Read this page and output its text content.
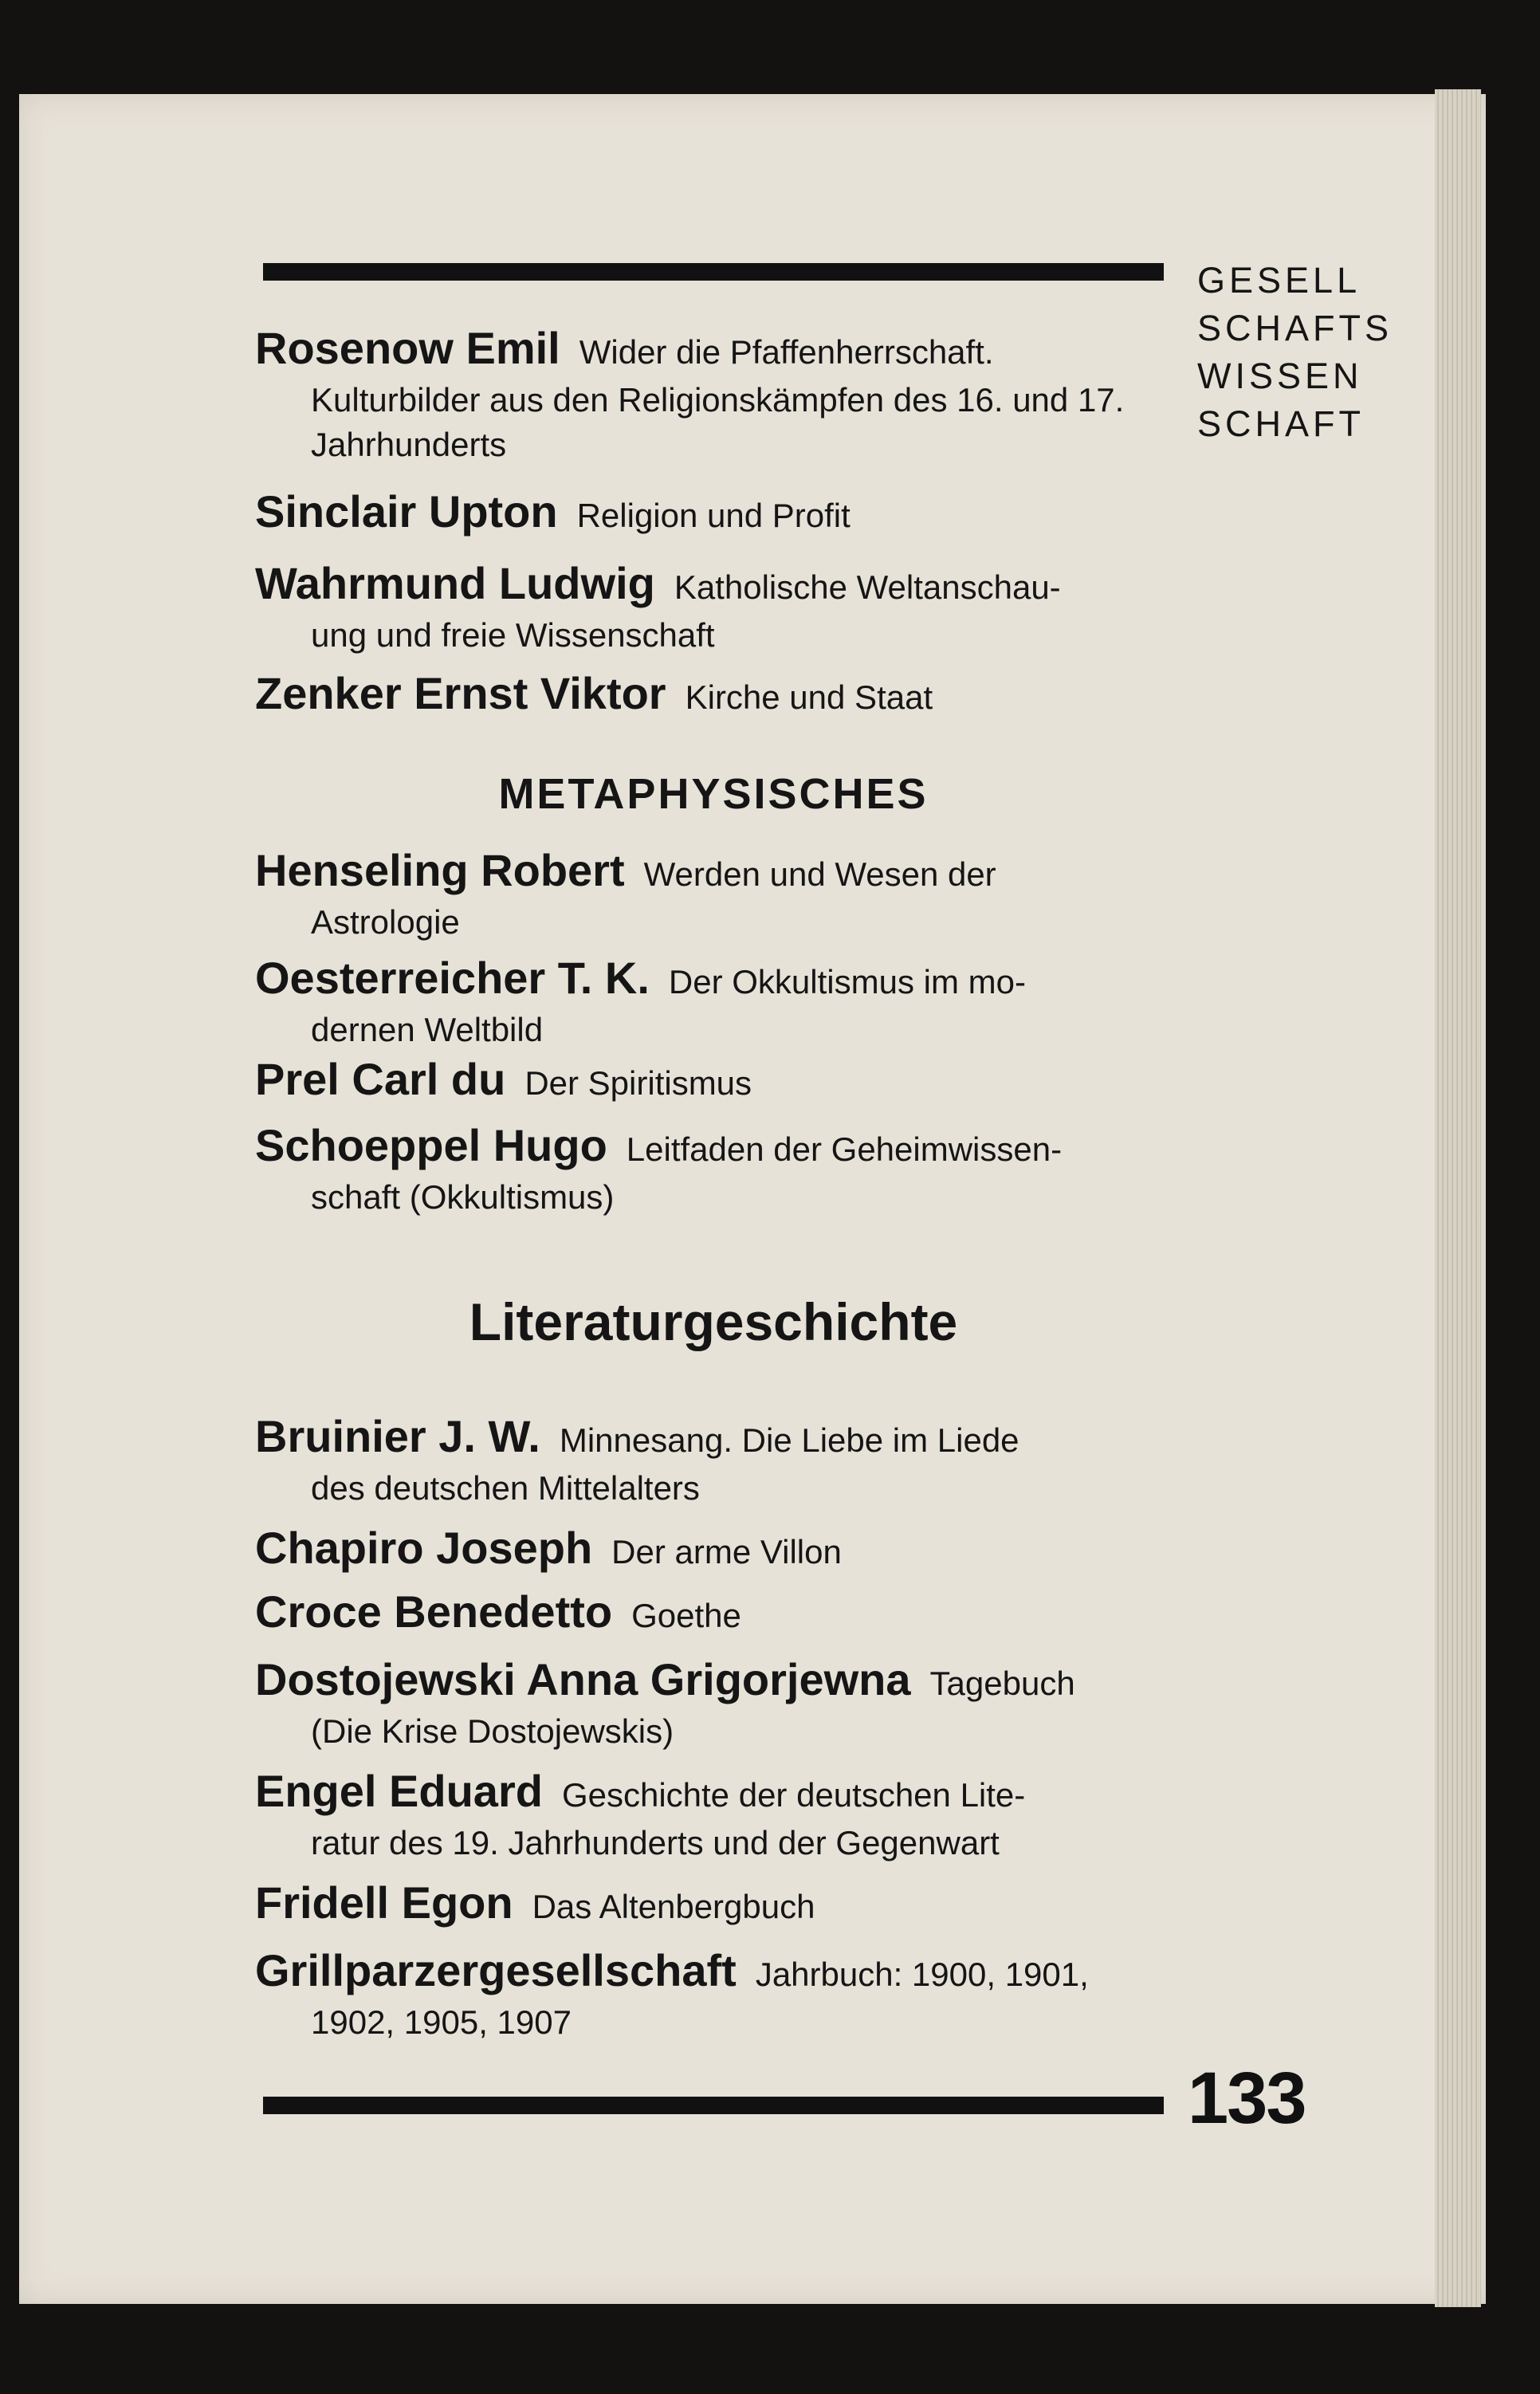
GESELL
SCHAFTS
WISSEN
SCHAFT
Rosenow Emil Wider die Pfaffenherrschaft.
Kulturbilder aus den Religionskämpfen des 16. und 17. Jahrhunderts
Sinclair Upton Religion und Profit
Wahrmund Ludwig Katholische Weltanschau-
ung und freie Wissenschaft
Zenker Ernst Viktor Kirche und Staat
METAPHYSISCHES
Henseling Robert Werden und Wesen der
Astrologie
Oesterreicher T. K. Der Okkultismus im mo-
dernen Weltbild
Prel Carl du Der Spiritismus
Schoeppel Hugo Leitfaden der Geheimwissen-
schaft (Okkultismus)
Literaturgeschichte
Bruinier J. W. Minnesang. Die Liebe im Liede
des deutschen Mittelalters
Chapiro Joseph Der arme Villon
Croce Benedetto Goethe
Dostojewski Anna Grigorjewna Tagebuch
(Die Krise Dostojewskis)
Engel Eduard Geschichte der deutschen Lite-
ratur des 19. Jahrhunderts und der Gegenwart
Fridell Egon Das Altenbergbuch
Grillparzergesellschaft Jahrbuch: 1900, 1901,
1902, 1905, 1907
133
